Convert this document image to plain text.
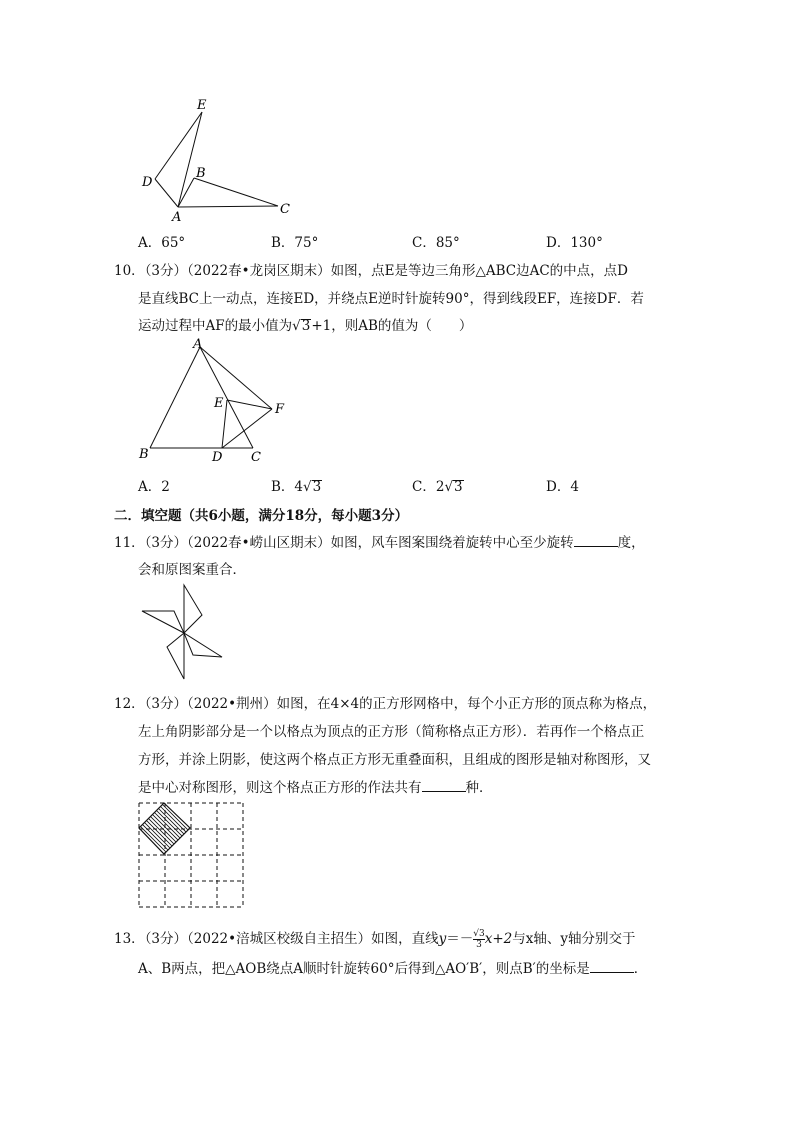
E
D
B
A
C
A．65°	B．75°	C．85°	D．130°
10．（3分）（2022春•龙岗区期末）如图，点E是等边三角形△ABC边AC的中点，点D
是直线BC上一动点，连接ED，并绕点E逆时针旋转90°，得到线段EF，连接DF．若
运动过程中AF的最小值为√3+1，则AB的值为（　　）
A
E	F
B	D C
A．2	B．4√3	C．2√3	D．4
二．填空题（共6小题，满分18分，每小题3分）
11．（3分）（2022春•崂山区期末）如图，风车图案围绕着旋转中心至少旋转	度，
会和原图案重合．
12．（3分）（2022•荆州）如图，在4×4的正方形网格中，每个小正方形的顶点称为格点，
左上角阴影部分是一个以格点为顶点的正方形（简称格点正方形）．若再作一个格点正
方形，并涂上阴影，使这两个格点正方形无重叠面积，且组成的图形是轴对称图形，又
是中心对称图形，则这个格点正方形的作法共有	种．
13．（3分）（2022•涪城区校级自主招生）如图，直线$y=- \frac{√3}{3} x+2$与x轴、y轴分别交于
A、B两点，把△AOB绕点A顺时针旋转60°后得到△AO′B′，则点B′的坐标是	．
